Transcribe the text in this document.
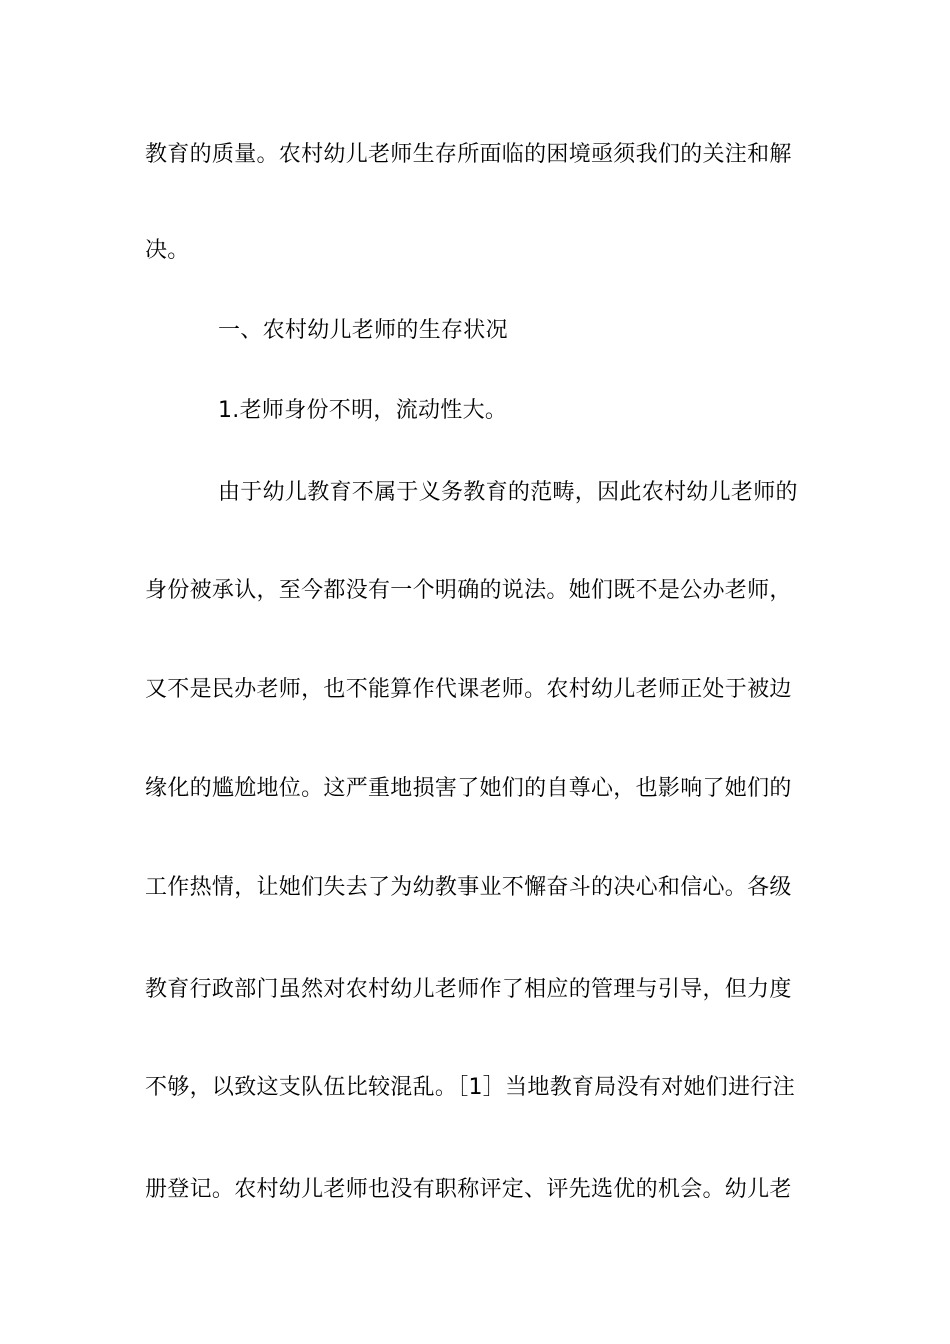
教育的质量。农村幼儿老师生存所面临的困境亟须我们的关注和解
决。
一、农村幼儿老师的生存状况
1.老师身份不明，流动性大。
由于幼儿教育不属于义务教育的范畴，因此农村幼儿老师的
身份被承认，至今都没有一个明确的说法。她们既不是公办老师，
又不是民办老师，也不能算作代课老师。农村幼儿老师正处于被边
缘化的尴尬地位。这严重地损害了她们的自尊心，也影响了她们的
工作热情，让她们失去了为幼教事业不懈奋斗的决心和信心。各级
教育行政部门虽然对农村幼儿老师作了相应的管理与引导，但力度
不够，以致这支队伍比较混乱。［1］当地教育局没有对她们进行注
册登记。农村幼儿老师也没有职称评定、评先选优的机会。幼儿老
